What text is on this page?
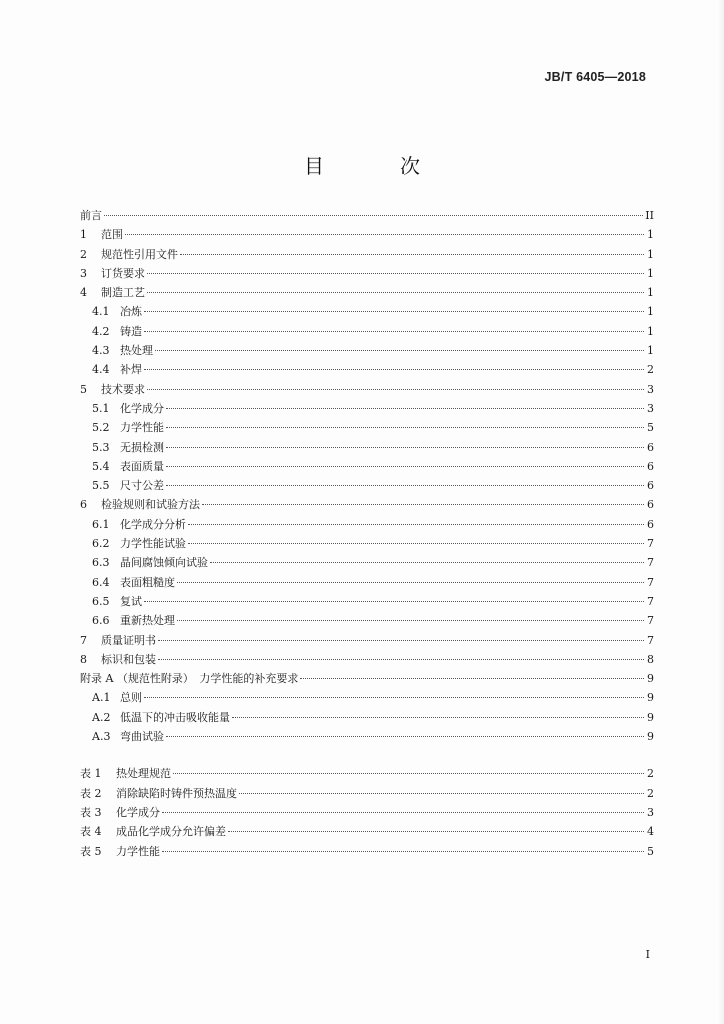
JB/T 6405—2018
目　次
前言	II
1	范围	1
2	规范性引用文件	1
3	订货要求	1
4	制造工艺	1
4.1 冶炼	1
4.2 铸造	1
4.3 热处理	1
4.4 补焊	2
5	技术要求	3
5.1 化学成分	3
5.2 力学性能	5
5.3 无损检测	6
5.4 表面质量	6
5.5 尺寸公差	6
6	检验规则和试验方法	6
6.1 化学成分分析	6
6.2 力学性能试验	7
6.3 晶间腐蚀倾向试验	7
6.4 表面粗糙度	7
6.5 复试	7
6.6 重新热处理	7
7	质量证明书	7
8	标识和包装	8
附录 A （规范性附录）　力学性能的补充要求	9
A.1 总则	9
A.2 低温下的冲击吸收能量	9
A.3 弯曲试验	9
表 1	热处理规范	2
表 2	消除缺陷时铸件预热温度	2
表 3	化学成分	3
表 4	成品化学成分允许偏差	4
表 5	力学性能	5
I
